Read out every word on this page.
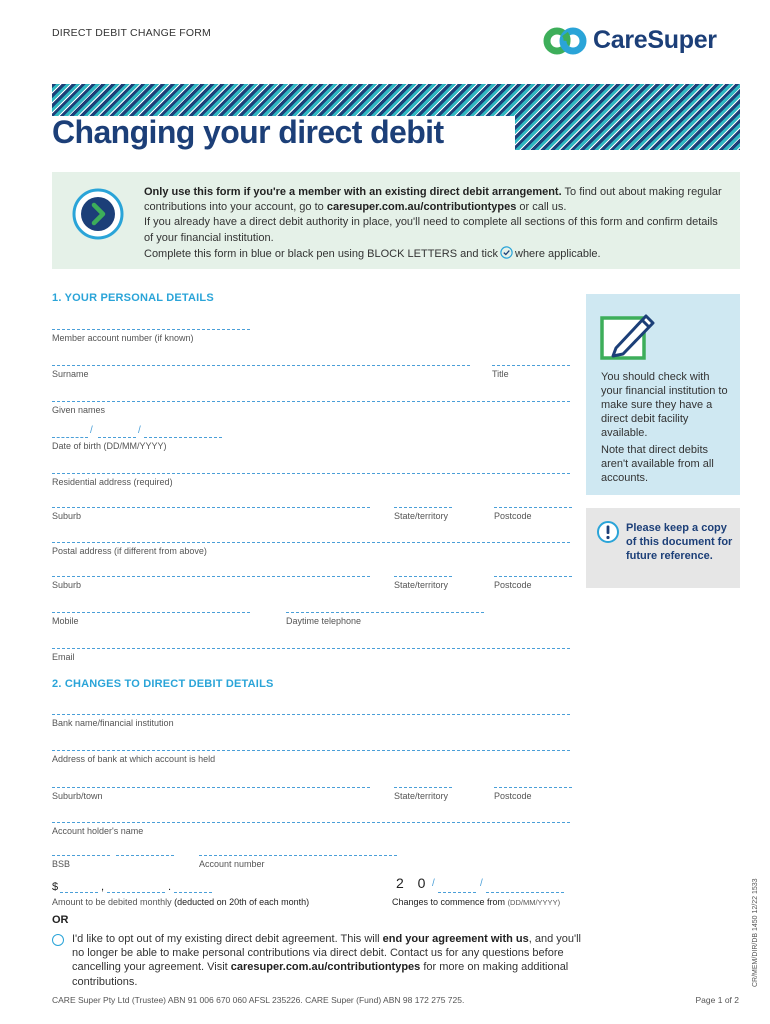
DIRECT DEBIT CHANGE FORM	CareSuper
Changing your direct debit

Only use this form if you're a member with an existing direct debit arrangement. To find out about making regular contributions into your account, go to caresuper.com.au/contributiontypes or call us.

If you already have a direct debit authority in place, you'll need to complete all sections of this form and confirm details of your financial institution.

Complete this form in blue or black pen using BLOCK LETTERS and tick where applicable.

1. YOUR PERSONAL DETAILS
Member account number (if known)
Surname	Title
Given names
/	/
Date of birth (DD/MM/YYYY)
Residential address (required)
Suburb	State/territory	Postcode
Postal address (if different from above)
Suburb	State/territory	Postcode
Mobile	Daytime telephone
Email

You should check with your financial institution to make sure they have a direct debit facility available.

Note that direct debits aren't available from all accounts.

Please keep a copy of this document for future reference.
2. CHANGES TO DIRECT DEBIT DETAILS
Bank name/financial institution
Address of bank at which account is held
Suburb/town	State/territory	Postcode
Account holder's name
BSB	Account number
$	,	.
Amount to be debited monthly (deducted on 20th of each month)
2 0 /	/
Changes to commence from (DD/MM/YYYY)
OR
I'd like to opt out of my existing direct debit agreement. This will end your agreement with us, and you'll no longer be able to make personal contributions via direct debit. Contact us for any questions before cancelling your agreement. Visit caresuper.com.au/contributiontypes for more on making additional contributions.	CR/MEM/DIR/DB 1450 12/22 1533
CARE Super Pty Ltd (Trustee) ABN 91 006 670 060 AFSL 235226. CARE Super (Fund) ABN 98 172 275 725.	Page 1 of 2
